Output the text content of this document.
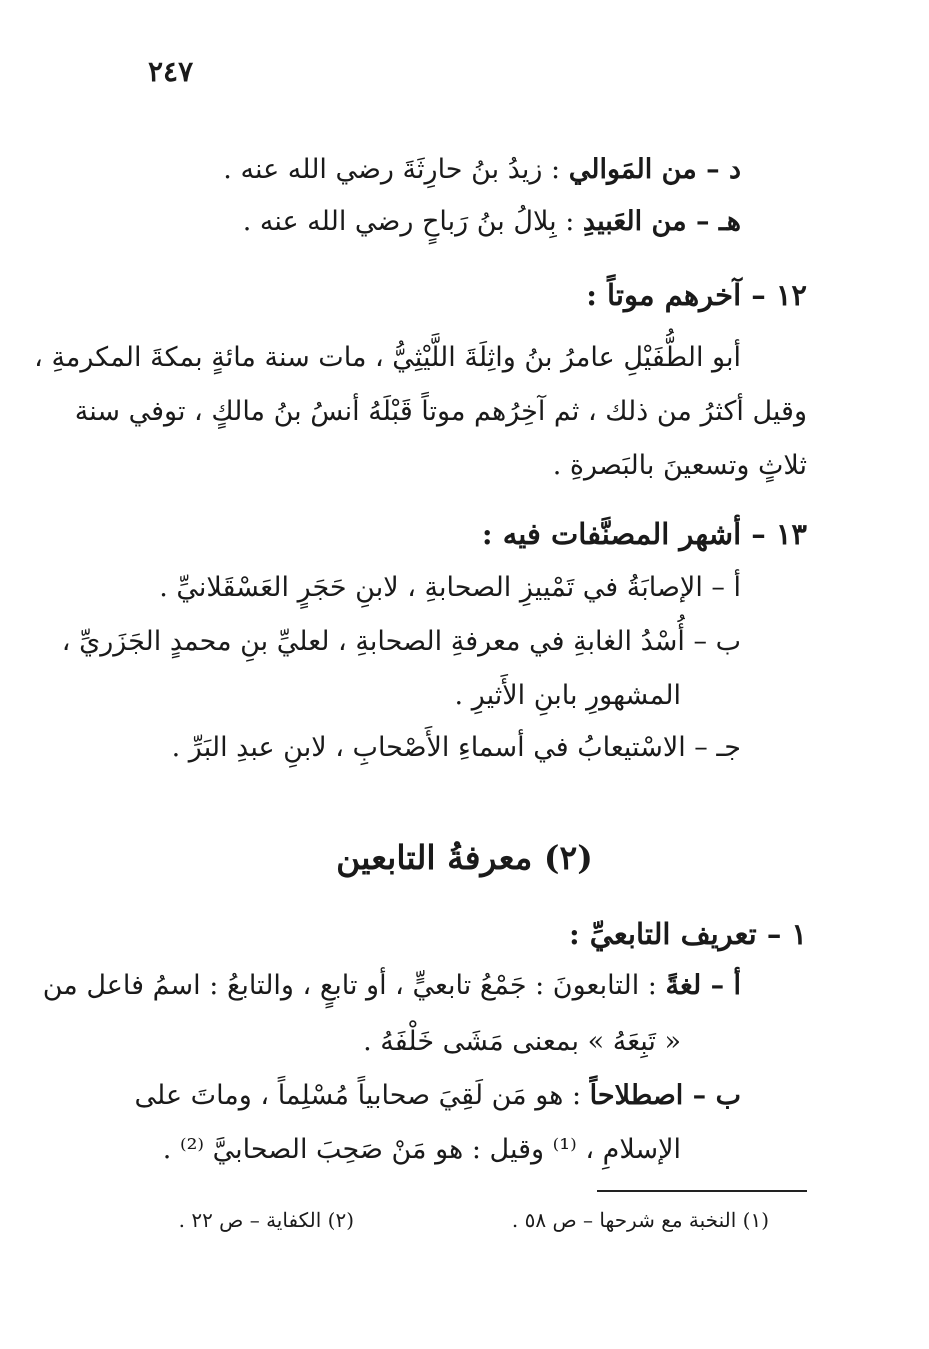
٢٤٧
د – من المَوالي : زيدُ بنُ حارِثَةَ رضي الله عنه .
هـ – من العَبيدِ : بِلالُ بنُ رَباحٍ رضي الله عنه .
١٢ – آخرهم موتاً :
أبو الطُّفَيْلِ عامرُ بنُ واثِلَةَ اللَّيْثِيُّ ، مات سنة مائةٍ بمكةَ المكرمةِ ،
وقيل أكثرُ من ذلك ، ثم آخِرُهم موتاً قَبْلَهُ أنسُ بنُ مالكٍ ، توفي سنة
ثلاثٍ وتسعينَ بالبَصرةِ .
١٣ – أشهر المصنَّفات فيه :
أ – الإصابَةُ في تَمْييزِ الصحابةِ ، لابنِ حَجَرٍ العَسْقَلانيِّ .
ب – أُسْدُ الغابةِ في معرفةِ الصحابةِ ، لعليِّ بنِ محمدٍ الجَزَريِّ ،
المشهورِ بابنِ الأَثيرِ .
جـ – الاسْتيعابُ في أسماءِ الأَصْحابِ ، لابنِ عبدِ البَرِّ .
(٢) معرفةُ التابعين
١ – تعريف التابعيِّ :
أ – لغةً : التابعونَ : جَمْعُ تابعيٍّ ، أو تابعٍ ، والتابعُ : اسمُ فاعل من
« تَبِعَهُ » بمعنى مَشَى خَلْفَهُ .
ب – اصطلاحاً : هو مَن لَقِيَ صحابياً مُسْلِماً ، وماتَ على
الإسلامِ ، ⁽¹⁾ وقيل : هو مَنْ صَحِبَ الصحابيَّ ⁽²⁾ .
(١) النخبة مع شرحها – ص ٥٨ .
(٢) الكفاية – ص ٢٢ .
